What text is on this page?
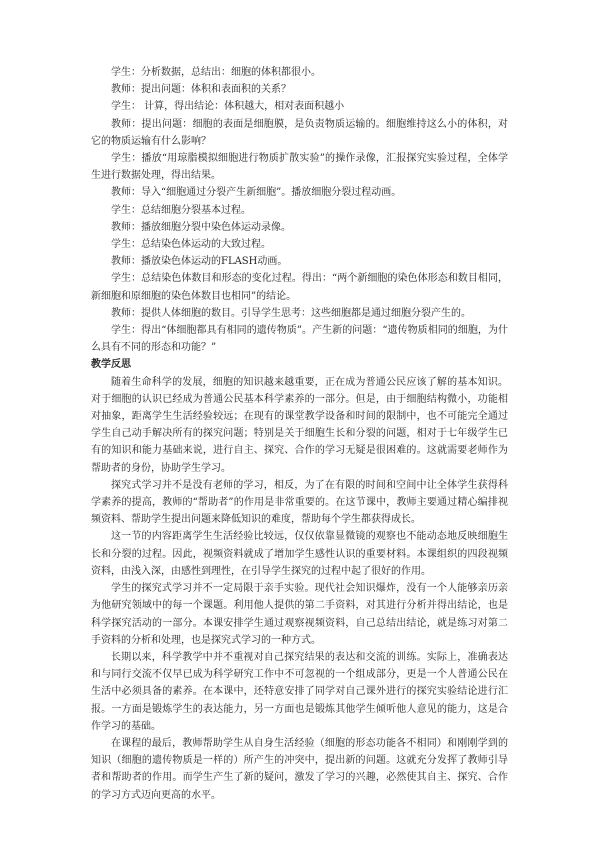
学生：分析数据，总结出：细胞的体积都很小。

教师：提出问题：体积和表面积的关系？

学生： 计算，得出结论：体积越大，相对表面积越小

教师：提出问题：细胞的表面是细胞膜，是负责物质运输的。细胞维持这么小的体积，对它的物质运输有什么影响？

学生：播放“用琼脂模拟细胞进行物质扩散实验”的操作录像，汇报探究实验过程，全体学生进行数据处理，得出结果。

教师：导入“细胞通过分裂产生新细胞”。播放细胞分裂过程动画。

学生：总结细胞分裂基本过程。

教师：播放细胞分裂中染色体运动录像。

学生：总结染色体运动的大致过程。

教师：播放染色体运动的FLASH动画。

学生：总结染色体数目和形态的变化过程。得出：“两个新细胞的染色体形态和数目相同，新细胞和原细胞的染色体数目也相同”的结论。

教师：提供人体细胞的数目。引导学生思考：这些细胞都是通过细胞分裂产生的。

学生：得出“体细胞都具有相同的遗传物质”。产生新的问题：“遗传物质相同的细胞，为什么具有不同的形态和功能？”

教学反思

随着生命科学的发展，细胞的知识越来越重要，正在成为普通公民应该了解的基本知识。对于细胞的认识已经成为普通公民基本科学素养的一部分。但是，由于细胞结构微小，功能相对抽象，距离学生生活经验较远；在现有的课堂教学设备和时间的限制中，也不可能完全通过学生自己动手解决所有的探究问题；特别是关于细胞生长和分裂的问题，相对于七年级学生已有的知识和能力基础来说，进行自主、探究、合作的学习无疑是很困难的。这就需要老师作为帮助者的身份，协助学生学习。

探究式学习并不是没有老师的学习，相反，为了在有限的时间和空间中让全体学生获得科学素养的提高，教师的“帮助者”的作用是非常重要的。在这节课中，教师主要通过精心编排视频资料、帮助学生提出问题来降低知识的难度，帮助每个学生都获得成长。

这一节的内容距离学生生活经验比较远，仅仅依靠显微镜的观察也不能动态地反映细胞生长和分裂的过程。因此，视频资料就成了增加学生感性认识的重要材料。本课组织的四段视频资料，由浅入深，由感性到理性，在引导学生探究的过程中起了很好的作用。

学生的探究式学习并不一定局限于亲手实验。现代社会知识爆炸，没有一个人能够亲历亲为他研究领域中的每一个课题。利用他人提供的第二手资料，对其进行分析并得出结论，也是科学探究活动的一部分。本课安排学生通过观察视频资料，自己总结出结论，就是练习对第二手资料的分析和处理，也是探究式学习的一种方式。

长期以来，科学教学中并不重视对自己探究结果的表达和交流的训练。实际上，准确表达和与同行交流不仅早已成为科学研究工作中不可忽视的一个组成部分，更是一个人普通公民在生活中必须具备的素养。在本课中，还特意安排了同学对自己课外进行的探究实验结论进行汇报。一方面是锻炼学生的表达能力，另一方面也是锻炼其他学生倾听他人意见的能力，这是合作学习的基础。

在课程的最后，教师帮助学生从自身生活经验（细胞的形态功能各不相同）和刚刚学到的知识（细胞的遗传物质是一样的）所产生的冲突中，提出新的问题。这就充分发挥了教师引导者和帮助者的作用。而学生产生了新的疑问，激发了学习的兴趣，必然使其自主、探究、合作的学习方式迈向更高的水平。
